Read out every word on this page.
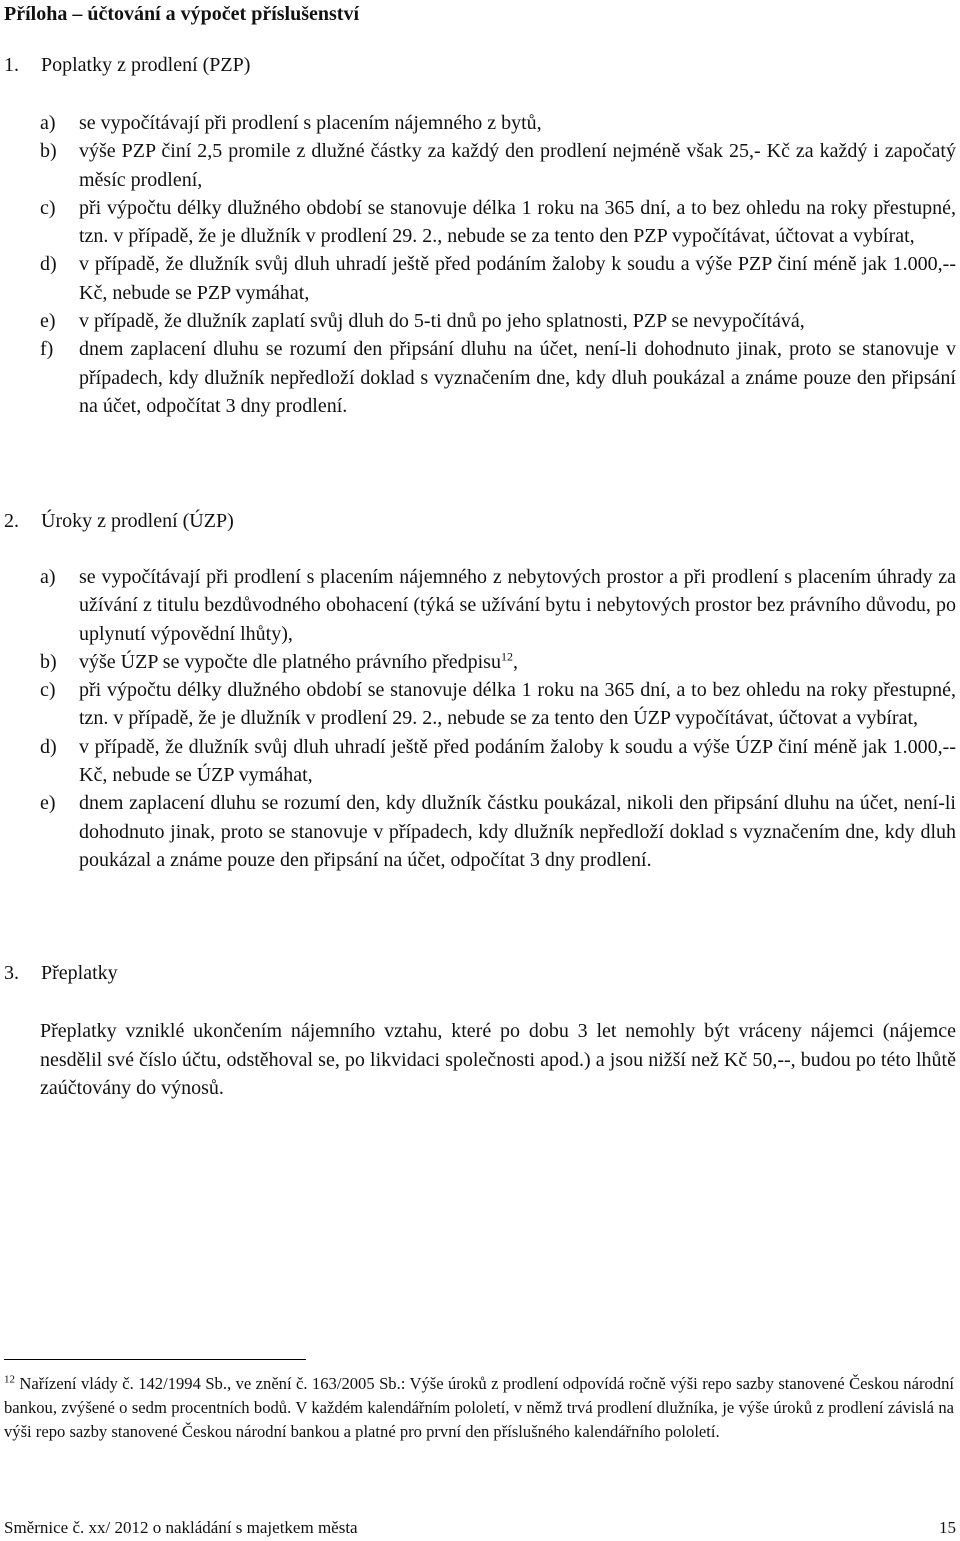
Příloha – účtování a výpočet příslušenství
1. Poplatky z prodlení (PZP)
a) se vypočítávají při prodlení s placením nájemného z bytů,
b) výše PZP činí 2,5 promile z dlužné částky za každý den prodlení nejméně však 25,- Kč za každý i započatý měsíc prodlení,
c) při výpočtu délky dlužného období se stanovuje délka 1 roku na 365 dní, a to bez ohledu na roky přestupné, tzn. v případě, že je dlužník v prodlení 29. 2., nebude se za tento den PZP vypočítávat, účtovat a vybírat,
d) v případě, že dlužník svůj dluh uhradí ještě před podáním žaloby k soudu a výše PZP činí méně jak 1.000,-- Kč, nebude se PZP vymáhat,
e) v případě, že dlužník zaplatí svůj dluh do 5-ti dnů po jeho splatnosti, PZP se nevypočítává,
f) dnem zaplacení dluhu se rozumí den připsání dluhu na účet, není-li dohodnuto jinak, proto se stanovuje v případech, kdy dlužník nepředloží doklad s vyznačením dne, kdy dluh poukázal a známe pouze den připsání na účet, odpočítat 3 dny prodlení.
2. Úroky z prodlení (ÚZP)
a) se vypočítávají při prodlení s placením nájemného z nebytových prostor a při prodlení s placením úhrady za užívání z titulu bezdůvodného obohacení (týká se užívání bytu i nebytových prostor bez právního důvodu, po uplynutí výpovědní lhůty),
b) výše ÚZP se vypočte dle platného právního předpisu$^{12}$,
c) při výpočtu délky dlužného období se stanovuje délka 1 roku na 365 dní, a to bez ohledu na roky přestupné, tzn. v případě, že je dlužník v prodlení 29. 2., nebude se za tento den ÚZP vypočítávat, účtovat a vybírat,
d) v případě, že dlužník svůj dluh uhradí ještě před podáním žaloby k soudu a výše ÚZP činí méně jak 1.000,-- Kč, nebude se ÚZP vymáhat,
e) dnem zaplacení dluhu se rozumí den, kdy dlužník částku poukázal, nikoli den připsání dluhu na účet, není-li dohodnuto jinak, proto se stanovuje v případech, kdy dlužník nepředloží doklad s vyznačením dne, kdy dluh poukázal a známe pouze den připsání na účet, odpočítat 3 dny prodlení.
3. Přeplatky
Přeplatky vzniklé ukončením nájemního vztahu, které po dobu 3 let nemohly být vráceny nájemci (nájemce nesdělil své číslo účtu, odstěhoval se, po likvidaci společnosti apod.) a jsou nižší než Kč 50,--, budou po této lhůtě zaúčtovány do výnosů.
$^{12}$ Nařízení vlády č. 142/1994 Sb., ve znění č. 163/2005 Sb.: Výše úroků z prodlení odpovídá ročně výši repo sazby stanovené Českou národní bankou, zvýšené o sedm procentních bodů. V každém kalendářním pololetí, v němž trvá prodlení dlužníka, je výše úroků z prodlení závislá na výši repo sazby stanovené Českou národní bankou a platné pro první den příslušného kalendářního pololetí.
Směrnice č. xx/ 2012 o nakládání s majetkem města	15
